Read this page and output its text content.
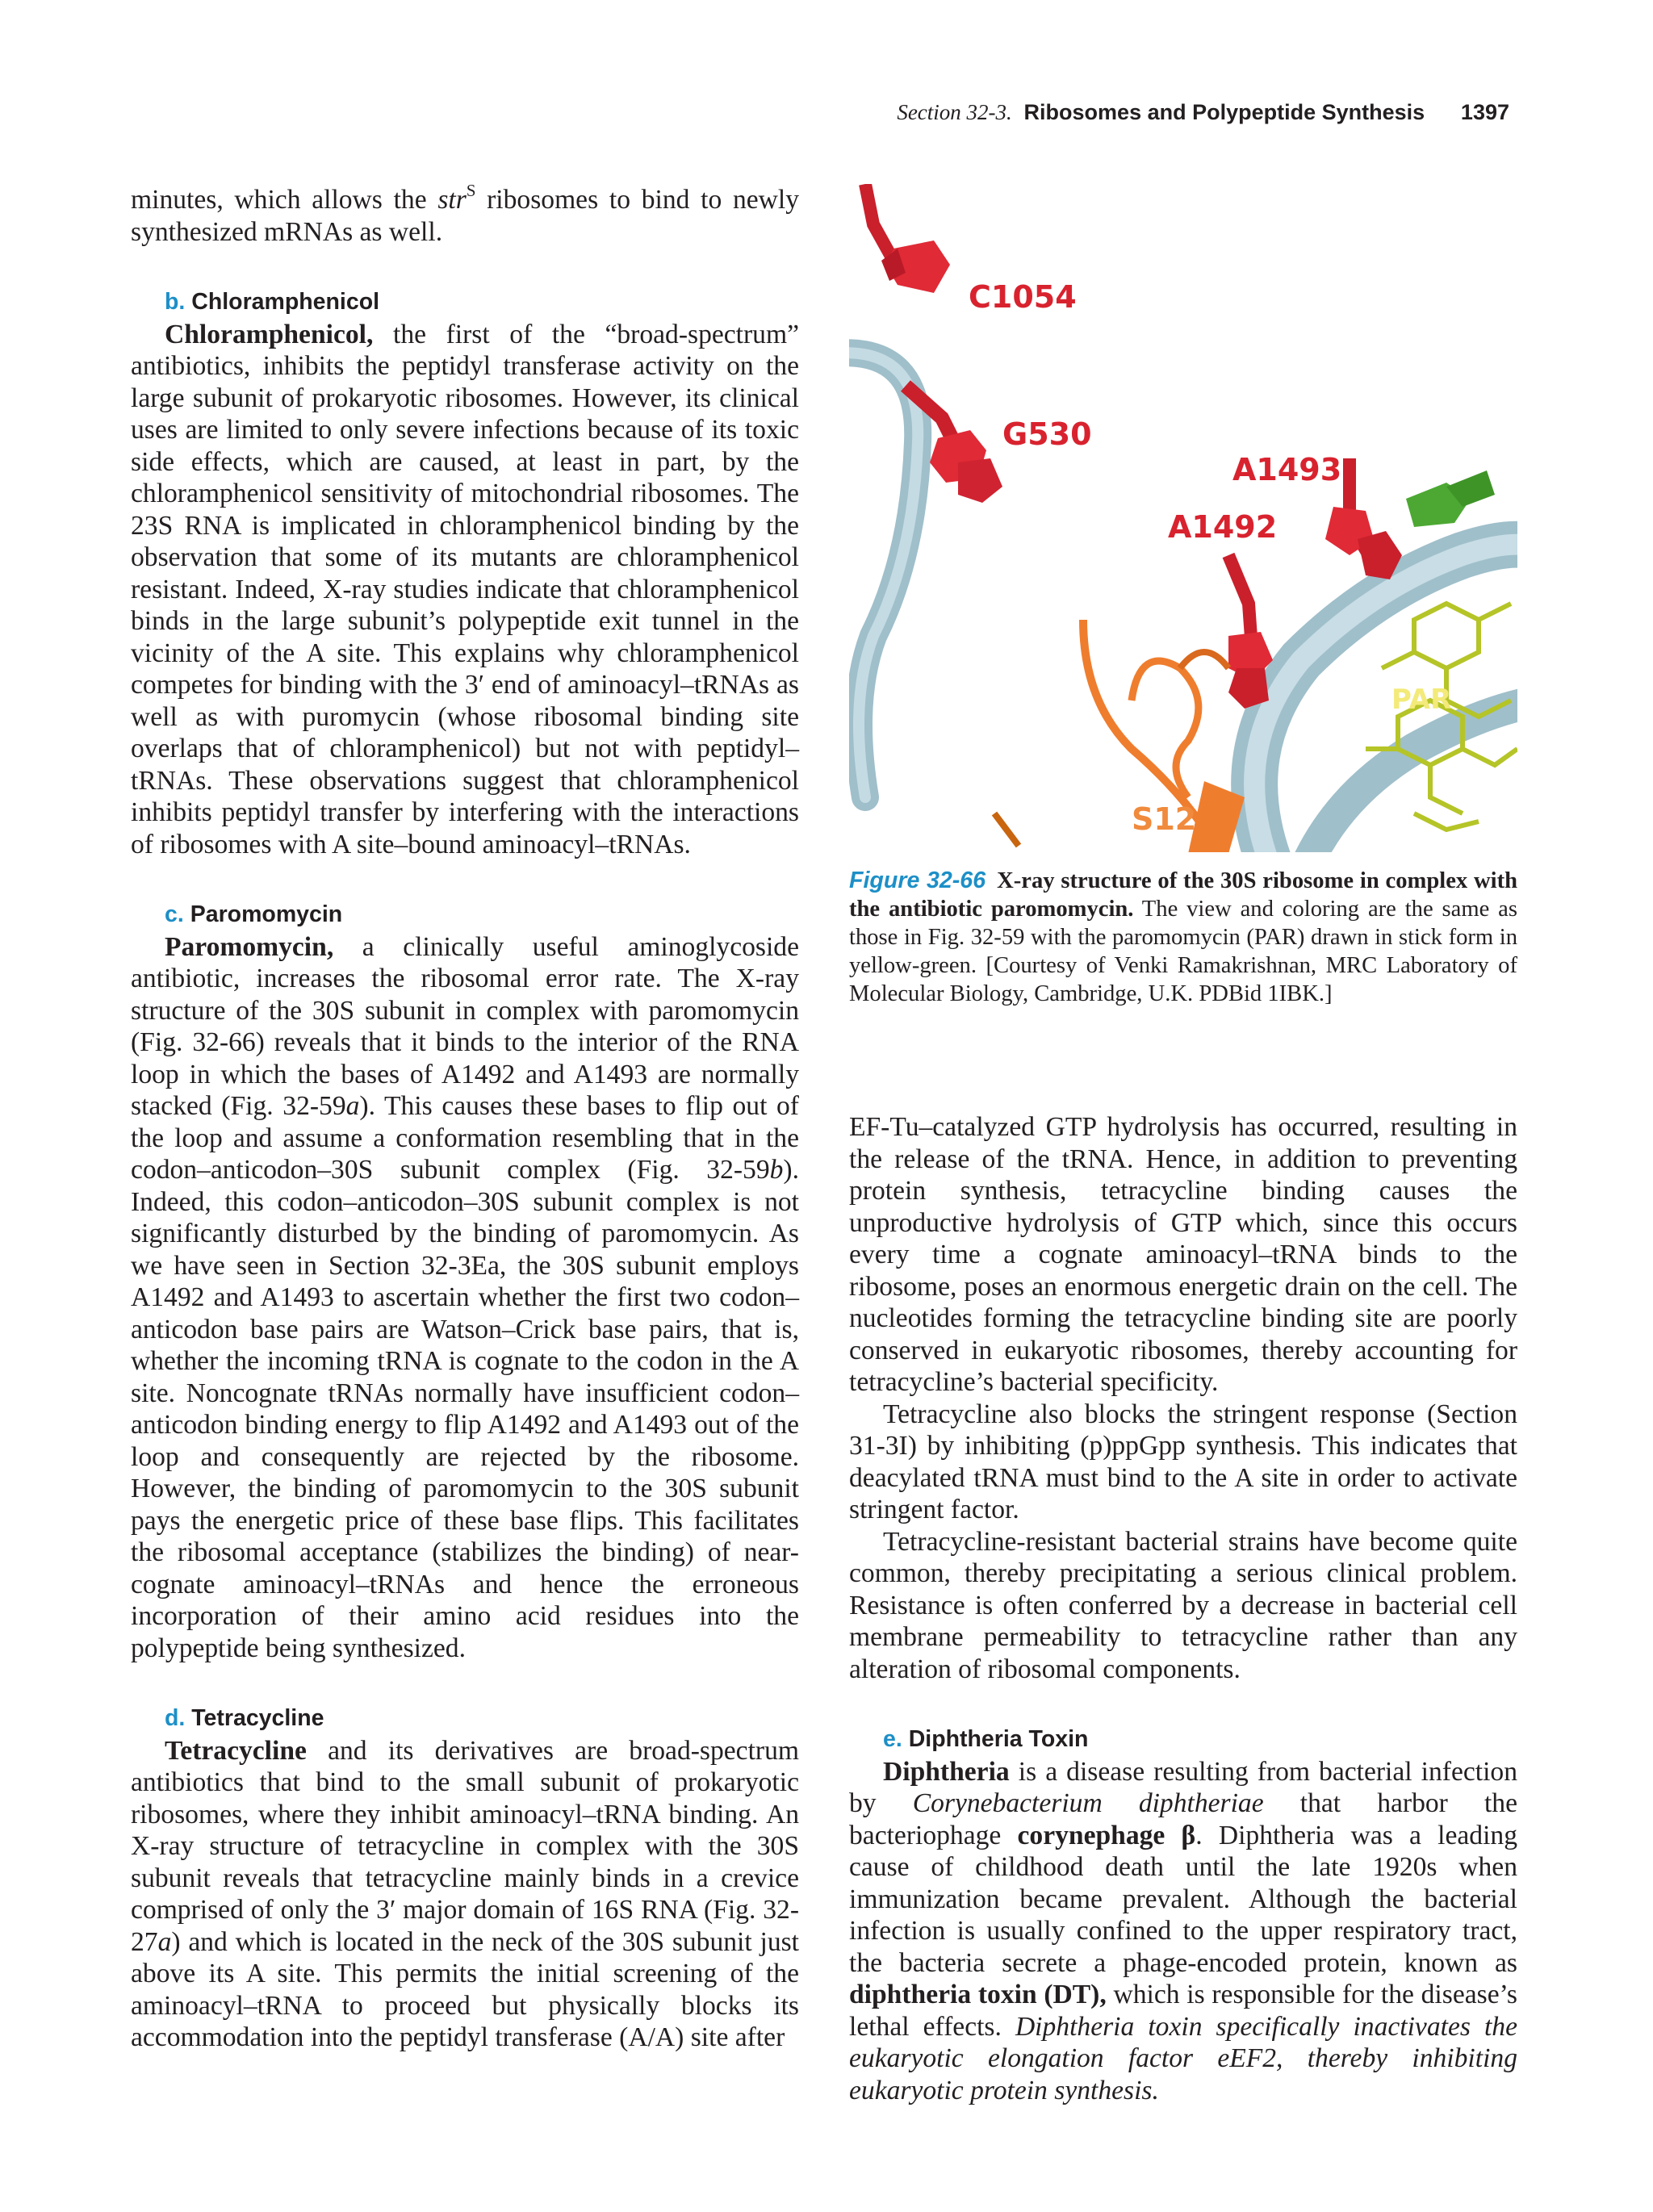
Section 32-3. Ribosomes and Polypeptide Synthesis 1397

minutes, which allows the str$^S$ ribosomes to bind to newly synthesized mRNAs as well.

b. Chloramphenicol

Chloramphenicol, the first of the “broad-spectrum” antibiotics, inhibits the peptidyl transferase activity on the large subunit of prokaryotic ribosomes. However, its clinical uses are limited to only severe infections because of its toxic side effects, which are caused, at least in part, by the chloramphenicol sensitivity of mitochondrial ribosomes. The 23S RNA is implicated in chloramphenicol binding by the observation that some of its mutants are chloramphenicol resistant. Indeed, X-ray studies indicate that chloramphenicol binds in the large subunit’s polypeptide exit tunnel in the vicinity of the A site. This explains why chloramphenicol competes for binding with the 3′ end of aminoacyl–tRNAs as well as with puromycin (whose ribosomal binding site overlaps that of chloramphenicol) but not with peptidyl–tRNAs. These observations suggest that chloramphenicol inhibits peptidyl transfer by interfering with the interactions of ribosomes with A site–bound aminoacyl–tRNAs.

c. Paromomycin

Paromomycin, a clinically useful aminoglycoside antibiotic, increases the ribosomal error rate. The X-ray structure of the 30S subunit in complex with paromomycin (Fig. 32-66) reveals that it binds to the interior of the RNA loop in which the bases of A1492 and A1493 are normally stacked (Fig. 32-59a). This causes these bases to flip out of the loop and assume a conformation resembling that in the codon–anticodon–30S subunit complex (Fig. 32-59b). Indeed, this codon–anticodon–30S subunit complex is not significantly disturbed by the binding of paromomycin. As we have seen in Section 32-3Ea, the 30S subunit employs A1492 and A1493 to ascertain whether the first two codon–anticodon base pairs are Watson–Crick base pairs, that is, whether the incoming tRNA is cognate to the codon in the A site. Noncognate tRNAs normally have insufficient codon–anticodon binding energy to flip A1492 and A1493 out of the loop and consequently are rejected by the ribosome. However, the binding of paromomycin to the 30S subunit pays the energetic price of these base flips. This facilitates the ribosomal acceptance (stabilizes the binding) of near-cognate aminoacyl–tRNAs and hence the erroneous incorporation of their amino acid residues into the polypeptide being synthesized.

d. Tetracycline

Tetracycline and its derivatives are broad-spectrum antibiotics that bind to the small subunit of prokaryotic ribosomes, where they inhibit aminoacyl–tRNA binding. An X-ray structure of tetracycline in complex with the 30S subunit reveals that tetracycline mainly binds in a crevice comprised of only the 3′ major domain of 16S RNA (Fig. 32-27a) and which is located in the neck of the 30S subunit just above its A site. This permits the initial screening of the aminoacyl–tRNA to proceed but physically blocks its accommodation into the peptidyl transferase (A/A) site after

C1054
G530
A1493
A1492
PAR
S12
Figure 32-66 X-ray structure of the 30S ribosome in complex with the antibiotic paromomycin. The view and coloring are the same as those in Fig. 32-59 with the paromomycin (PAR) drawn in stick form in yellow-green. [Courtesy of Venki Ramakrishnan, MRC Laboratory of Molecular Biology, Cambridge, U.K. PDBid 1IBK.]

EF-Tu–catalyzed GTP hydrolysis has occurred, resulting in the release of the tRNA. Hence, in addition to preventing protein synthesis, tetracycline binding causes the unproductive hydrolysis of GTP which, since this occurs every time a cognate aminoacyl–tRNA binds to the ribosome, poses an enormous energetic drain on the cell. The nucleotides forming the tetracycline binding site are poorly conserved in eukaryotic ribosomes, thereby accounting for tetracycline’s bacterial specificity.

Tetracycline also blocks the stringent response (Section 31-3I) by inhibiting (p)ppGpp synthesis. This indicates that deacylated tRNA must bind to the A site in order to activate stringent factor.

Tetracycline-resistant bacterial strains have become quite common, thereby precipitating a serious clinical problem. Resistance is often conferred by a decrease in bacterial cell membrane permeability to tetracycline rather than any alteration of ribosomal components.

e. Diphtheria Toxin

Diphtheria is a disease resulting from bacterial infection by Corynebacterium diphtheriae that harbor the bacteriophage corynephage β. Diphtheria was a leading cause of childhood death until the late 1920s when immunization became prevalent. Although the bacterial infection is usually confined to the upper respiratory tract, the bacteria secrete a phage-encoded protein, known as diphtheria toxin (DT), which is responsible for the disease’s lethal effects. Diphtheria toxin specifically inactivates the eukaryotic elongation factor eEF2, thereby inhibiting eukaryotic protein synthesis.
